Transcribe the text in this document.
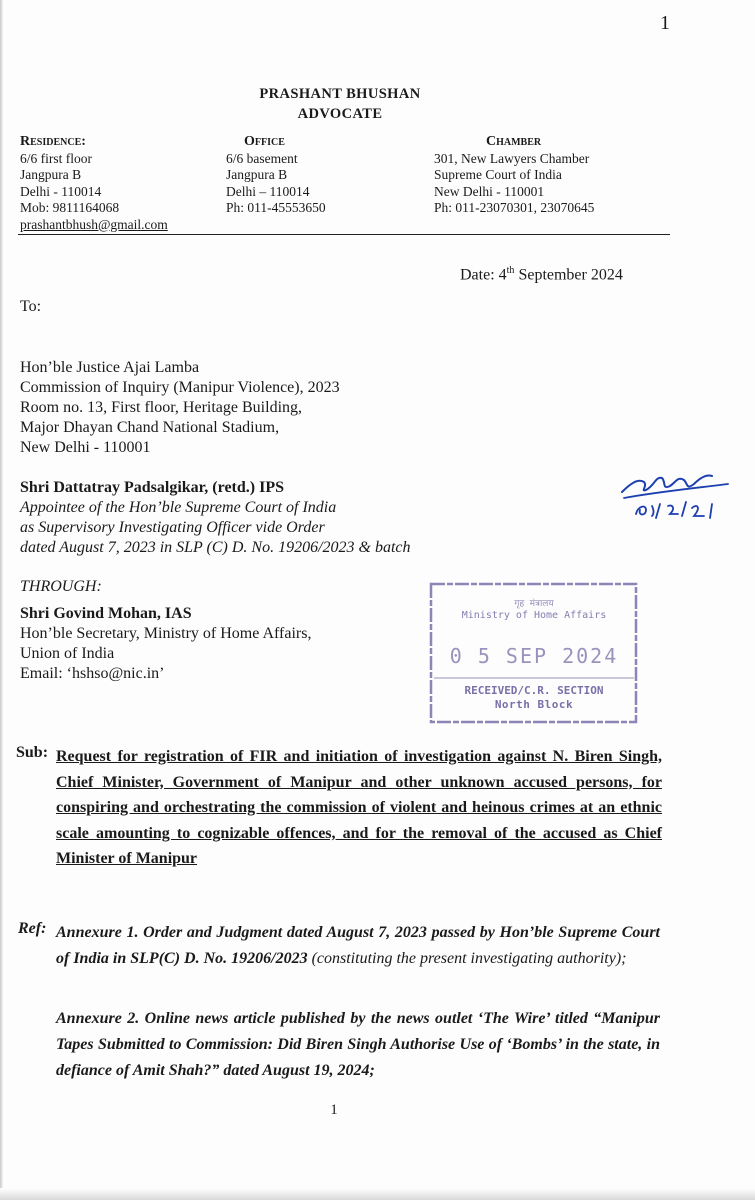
1
PRASHANT BHUSHAN
ADVOCATE
Residence:
6/6 first floor
Jangpura B
Delhi - 110014
Mob: 9811164068
prashantbhush@gmail.com
Office
6/6 basement
Jangpura B
Delhi – 110014
Ph: 011-45553650
Chamber
301, New Lawyers Chamber
Supreme Court of India
New Delhi - 110001
Ph: 011-23070301, 23070645
Date: 4th September 2024
To:
Hon’ble Justice Ajai Lamba
Commission of Inquiry (Manipur Violence), 2023
Room no. 13, First floor, Heritage Building,
Major Dhayan Chand National Stadium,
New Delhi - 110001
Shri Dattatray Padsalgikar, (retd.) IPS
Appointee of the Hon’ble Supreme Court of India
as Supervisory Investigating Officer vide Order
dated August 7, 2023 in SLP (C) D. No. 19206/2023 & batch
THROUGH:
Shri Govind Mohan, IAS
Hon’ble Secretary, Ministry of Home Affairs,
Union of India
Email: ‘hshso@nic.in’
गृह मंत्रालय
Ministry of Home Affairs
0 5 SEP 2024
RECEIVED/C.R. SECTION
North Block
Sub: Request for registration of FIR and initiation of investigation against N. Biren Singh, Chief Minister, Government of Manipur and other unknown accused persons, for conspiring and orchestrating the commission of violent and heinous crimes at an ethnic scale amounting to cognizable offences, and for the removal of the accused as Chief Minister of Manipur
Ref: Annexure 1. Order and Judgment dated August 7, 2023 passed by Hon’ble Supreme Court of India in SLP(C) D. No. 19206/2023 (constituting the present investigating authority);
Annexure 2. Online news article published by the news outlet ‘The Wire’ titled “Manipur Tapes Submitted to Commission: Did Biren Singh Authorise Use of ‘Bombs’ in the state, in defiance of Amit Shah?” dated August 19, 2024;
1
